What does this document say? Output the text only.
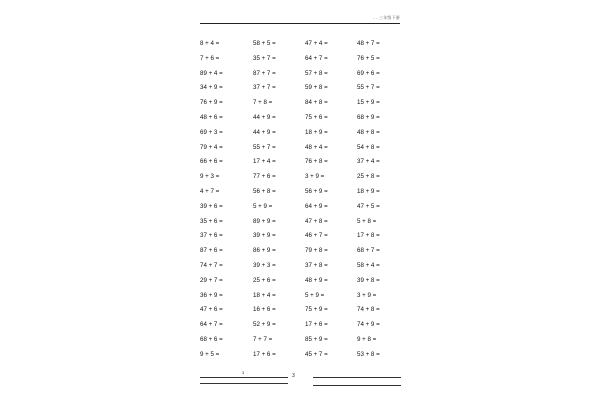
- - 三年级下册
8 + 4 =
7 + 6 =
89 + 4 =
34 + 9 =
76 + 9 =
48 + 6 =
69 + 3 =
79 + 4 =
66 + 6 =
9 + 3 =
4 + 7 =
39 + 6 =
35 + 6 =
37 + 6 =
87 + 6 =
74 + 7 =
29 + 7 =
36 + 9 =
47 + 6 =
64 + 7 =
68 + 6 =
9 + 5 =
58 + 5 =
35 + 7 =
87 + 7 =
37 + 7 =
7 + 8 =
44 + 9 =
44 + 9 =
55 + 7 =
17 + 4 =
77 + 6 =
56 + 8 =
5 + 9 =
89 + 9 =
39 + 9 =
86 + 9 =
39 + 3 =
25 + 6 =
18 + 4 =
16 + 6 =
52 + 9 =
7 + 7 =
17 + 6 =
47 + 4 =
64 + 7 =
57 + 8 =
59 + 8 =
84 + 8 =
75 + 6 =
18 + 9 =
48 + 4 =
76 + 8 =
3 + 9 =
56 + 9 =
64 + 9 =
47 + 8 =
46 + 7 =
79 + 8 =
37 + 8 =
48 + 9 =
5 + 9 =
75 + 9 =
17 + 6 =
85 + 9 =
45 + 7 =
48 + 7 =
76 + 5 =
69 + 6 =
55 + 7 =
15 + 9 =
68 + 9 =
48 + 8 =
54 + 8 =
37 + 4 =
25 + 8 =
18 + 9 =
47 + 5 =
5 + 8 =
17 + 8 =
68 + 7 =
58 + 4 =
39 + 8 =
3 + 9 =
74 + 8 =
74 + 9 =
9 + 8 =
53 + 8 =
3
3
